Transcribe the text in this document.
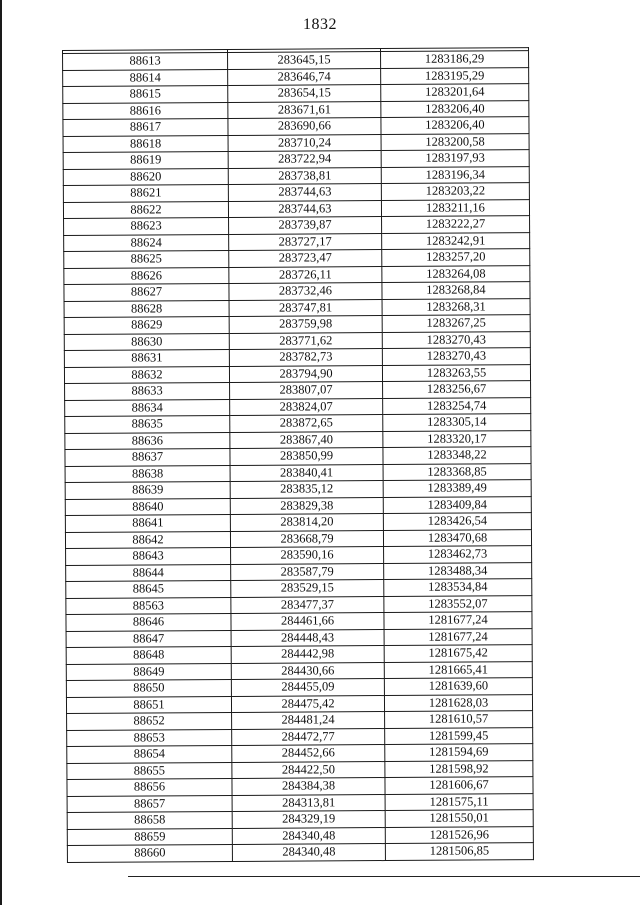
1832

88613	283645,15	1283186,29
88614	283646,74	1283195,29
88615	283654,15	1283201,64
88616	283671,61	1283206,40
88617	283690,66	1283206,40
88618	283710,24	1283200,58
88619	283722,94	1283197,93
88620	283738,81	1283196,34
88621	283744,63	1283203,22
88622	283744,63	1283211,16
88623	283739,87	1283222,27
88624	283727,17	1283242,91
88625	283723,47	1283257,20
88626	283726,11	1283264,08
88627	283732,46	1283268,84
88628	283747,81	1283268,31
88629	283759,98	1283267,25
88630	283771,62	1283270,43
88631	283782,73	1283270,43
88632	283794,90	1283263,55
88633	283807,07	1283256,67
88634	283824,07	1283254,74
88635	283872,65	1283305,14
88636	283867,40	1283320,17
88637	283850,99	1283348,22
88638	283840,41	1283368,85
88639	283835,12	1283389,49
88640	283829,38	1283409,84
88641	283814,20	1283426,54
88642	283668,79	1283470,68
88643	283590,16	1283462,73
88644	283587,79	1283488,34
88645	283529,15	1283534,84
88563	283477,37	1283552,07
88646	284461,66	1281677,24
88647	284448,43	1281677,24
88648	284442,98	1281675,42
88649	284430,66	1281665,41
88650	284455,09	1281639,60
88651	284475,42	1281628,03
88652	284481,24	1281610,57
88653	284472,77	1281599,45
88654	284452,66	1281594,69
88655	284422,50	1281598,92
88656	284384,38	1281606,67
88657	284313,81	1281575,11
88658	284329,19	1281550,01
88659	284340,48	1281526,96
88660	284340,48	1281506,85
